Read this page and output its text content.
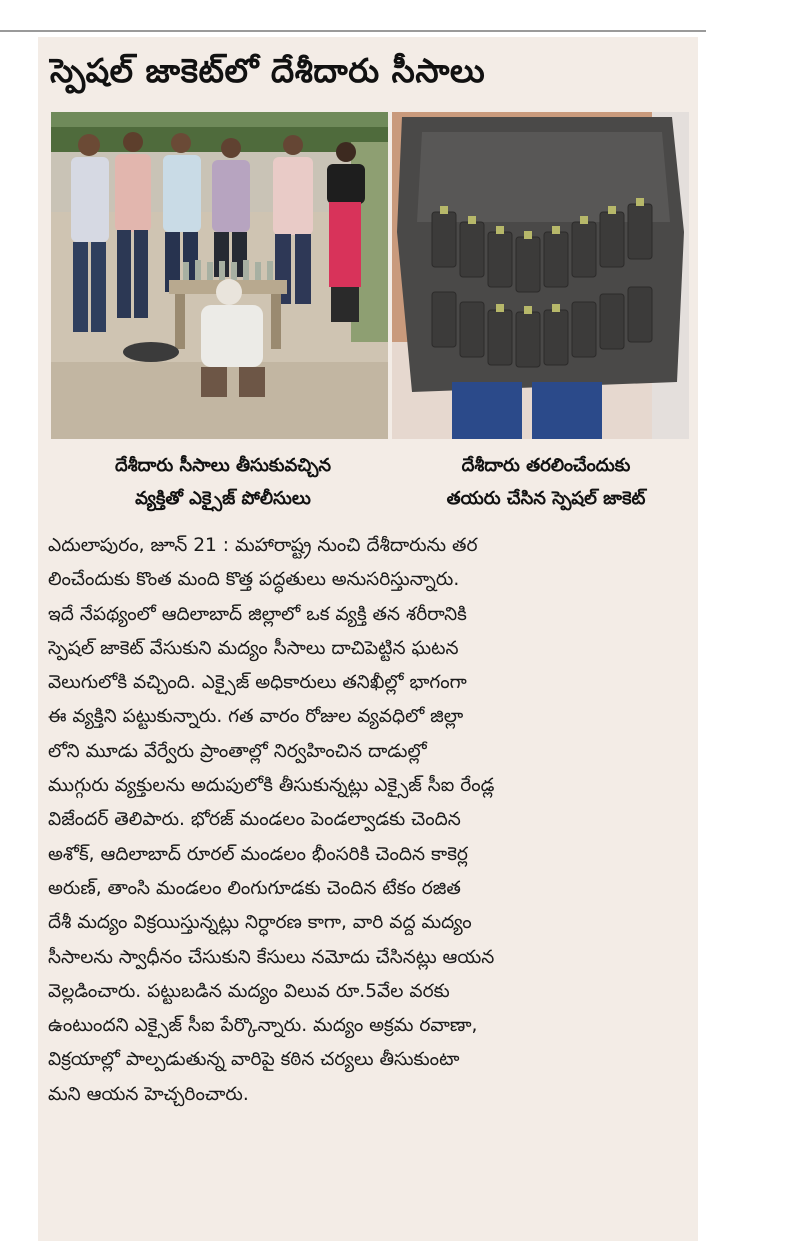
స్పెషల్ జాకెట్‌లో దేశీదారు సీసాలు

దేశీదారు సీసాలు తీసుకువచ్చిన
వ్యక్తితో ఎక్సైజ్ పోలీసులు

దేశీదారు తరలించేందుకు
తయరు చేసిన స్పెషల్ జాకెట్

ఎదులాపురం, జూన్ 21 : మహారాష్ట్ర నుంచి దేశీదారును తర
లించేందుకు కొంత మంది కొత్త పద్ధతులు అనుసరిస్తున్నారు.
ఇదే నేపథ్యంలో ఆదిలాబాద్ జిల్లాలో ఒక వ్యక్తి తన శరీరానికి
స్పెషల్ జాకెట్ వేసుకుని మద్యం సీసాలు దాచిపెట్టిన ఘటన
వెలుగులోకి వచ్చింది. ఎక్సైజ్ అధికారులు తనిఖీల్లో భాగంగా
ఈ వ్యక్తిని పట్టుకున్నారు. గత వారం రోజుల వ్యవధిలో జిల్లా
లోని మూడు వేర్వేరు ప్రాంతాల్లో నిర్వహించిన దాడుల్లో
ముగ్గురు వ్యక్తులను అదుపులోకి తీసుకున్నట్లు ఎక్సైజ్ సీఐ రేండ్ల
విజేందర్ తెలిపారు. భోరజ్ మండలం పెండల్వాడకు చెందిన
అశోక్, ఆదిలాబాద్ రూరల్ మండలం భీంసరికి చెందిన కాకెర్ల
అరుణ్, తాంసి మండలం లింగుగూడకు చెందిన టేకం రజిత
దేశీ మద్యం విక్రయిస్తున్నట్లు నిర్ధారణ కాగా, వారి వద్ద మద్యం
సీసాలను స్వాధీనం చేసుకుని కేసులు నమోదు చేసినట్లు ఆయన
వెల్లడించారు. పట్టుబడిన మద్యం విలువ రూ.5వేల వరకు
ఉంటుందని ఎక్సైజ్ సీఐ పేర్కొన్నారు. మద్యం అక్రమ రవాణా,
విక్రయాల్లో పాల్పడుతున్న వారిపై కఠిన చర్యలు తీసుకుంటా
మని ఆయన హెచ్చరించారు.
